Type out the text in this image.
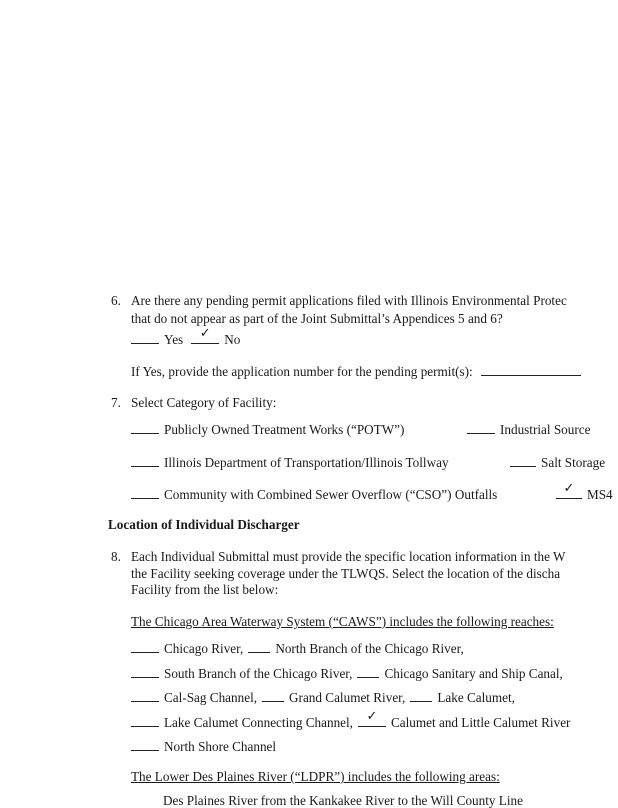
6. Are there any pending permit applications filed with Illinois Environmental Protec
that do not appear as part of the Joint Submittal’s Appendices 5 and 6?
Yes	✓	No
If Yes, provide the application number for the pending permit(s):
7. Select Category of Facility:
Publicly Owned Treatment Works (“POTW”)	Industrial Source
Illinois Department of Transportation/Illinois Tollway	Salt Storage
Community with Combined Sewer Overflow (“CSO”) Outfalls	✓ MS4
Location of Individual Discharger
8. Each Individual Submittal must provide the specific location information in the W
the Facility seeking coverage under the TLWQS. Select the location of the discha
Facility from the list below:
The Chicago Area Waterway System (“CAWS”) includes the following reaches:
Chicago River, North Branch of the Chicago River,
South Branch of the Chicago River, Chicago Sanitary and Ship Canal,
Cal-Sag Channel, Grand Calumet River, Lake Calumet,
Lake Calumet Connecting Channel,	✓	Calumet and Little Calumet River
North Shore Channel
The Lower Des Plaines River (“LDPR”) includes the following areas:
Des Plaines River from the Kankakee River to the Will County Line
